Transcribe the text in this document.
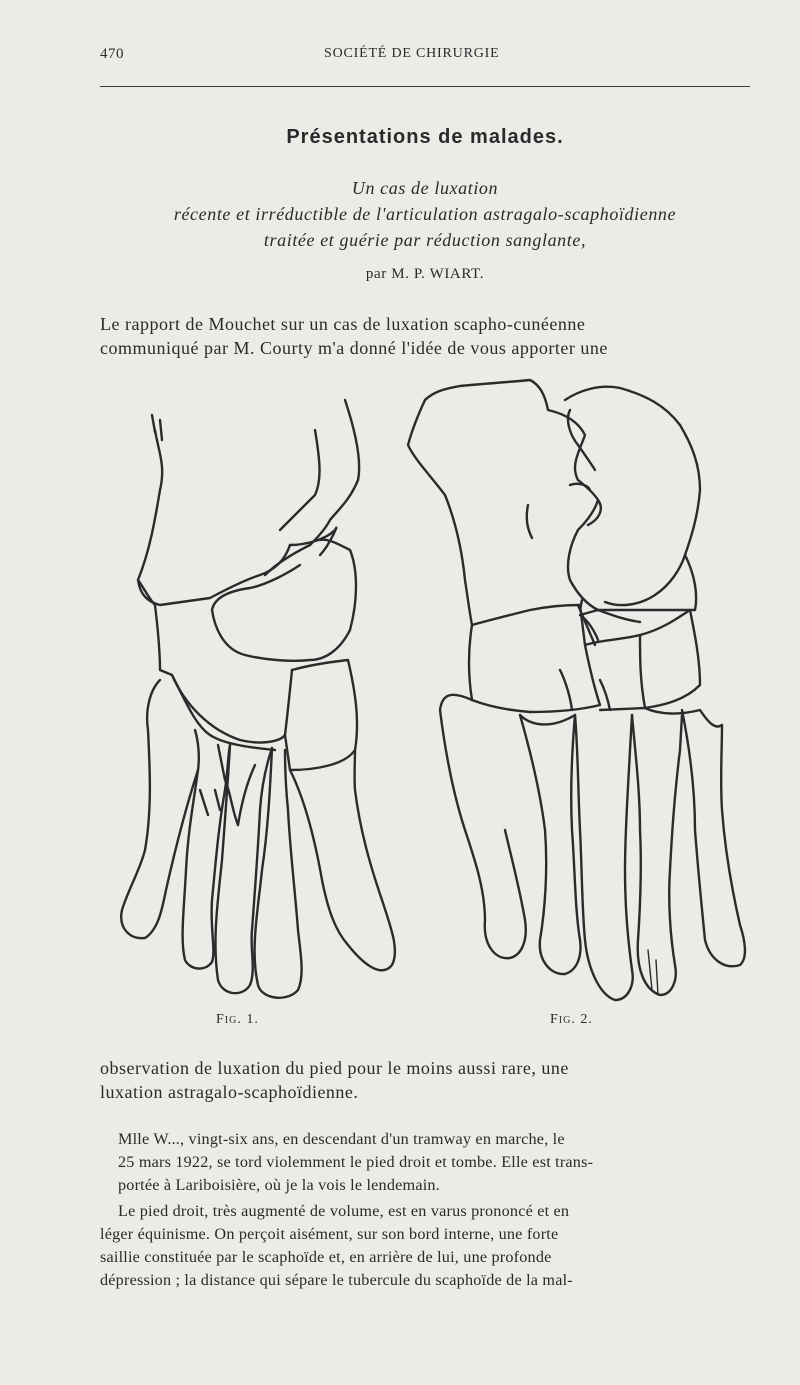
470	SOCIÉTÉ DE CHIRURGIE
Présentations de malades.
Un cas de luxation
récente et irréductible de l'articulation astragalo-scaphoïdienne
traitée et guérie par réduction sanglante,
par M. P. WIART.
Le rapport de Mouchet sur un cas de luxation scapho-cunéenne
communiqué par M. Courty m'a donné l'idée de vous apporter une
Fig. 1.	Fig. 2.
observation de luxation du pied pour le moins aussi rare, une
luxation astragalo-scaphoïdienne.
Mlle W..., vingt-six ans, en descendant d'un tramway en marche, le
25 mars 1922, se tord violemment le pied droit et tombe. Elle est trans-
portée à Lariboisière, où je la vois le lendemain.
Le pied droit, très augmenté de volume, est en varus prononcé et en
léger équinisme. On perçoit aisément, sur son bord interne, une forte
saillie constituée par le scaphoïde et, en arrière de lui, une profonde
dépression ; la distance qui sépare le tubercule du scaphoïde de la mal-
